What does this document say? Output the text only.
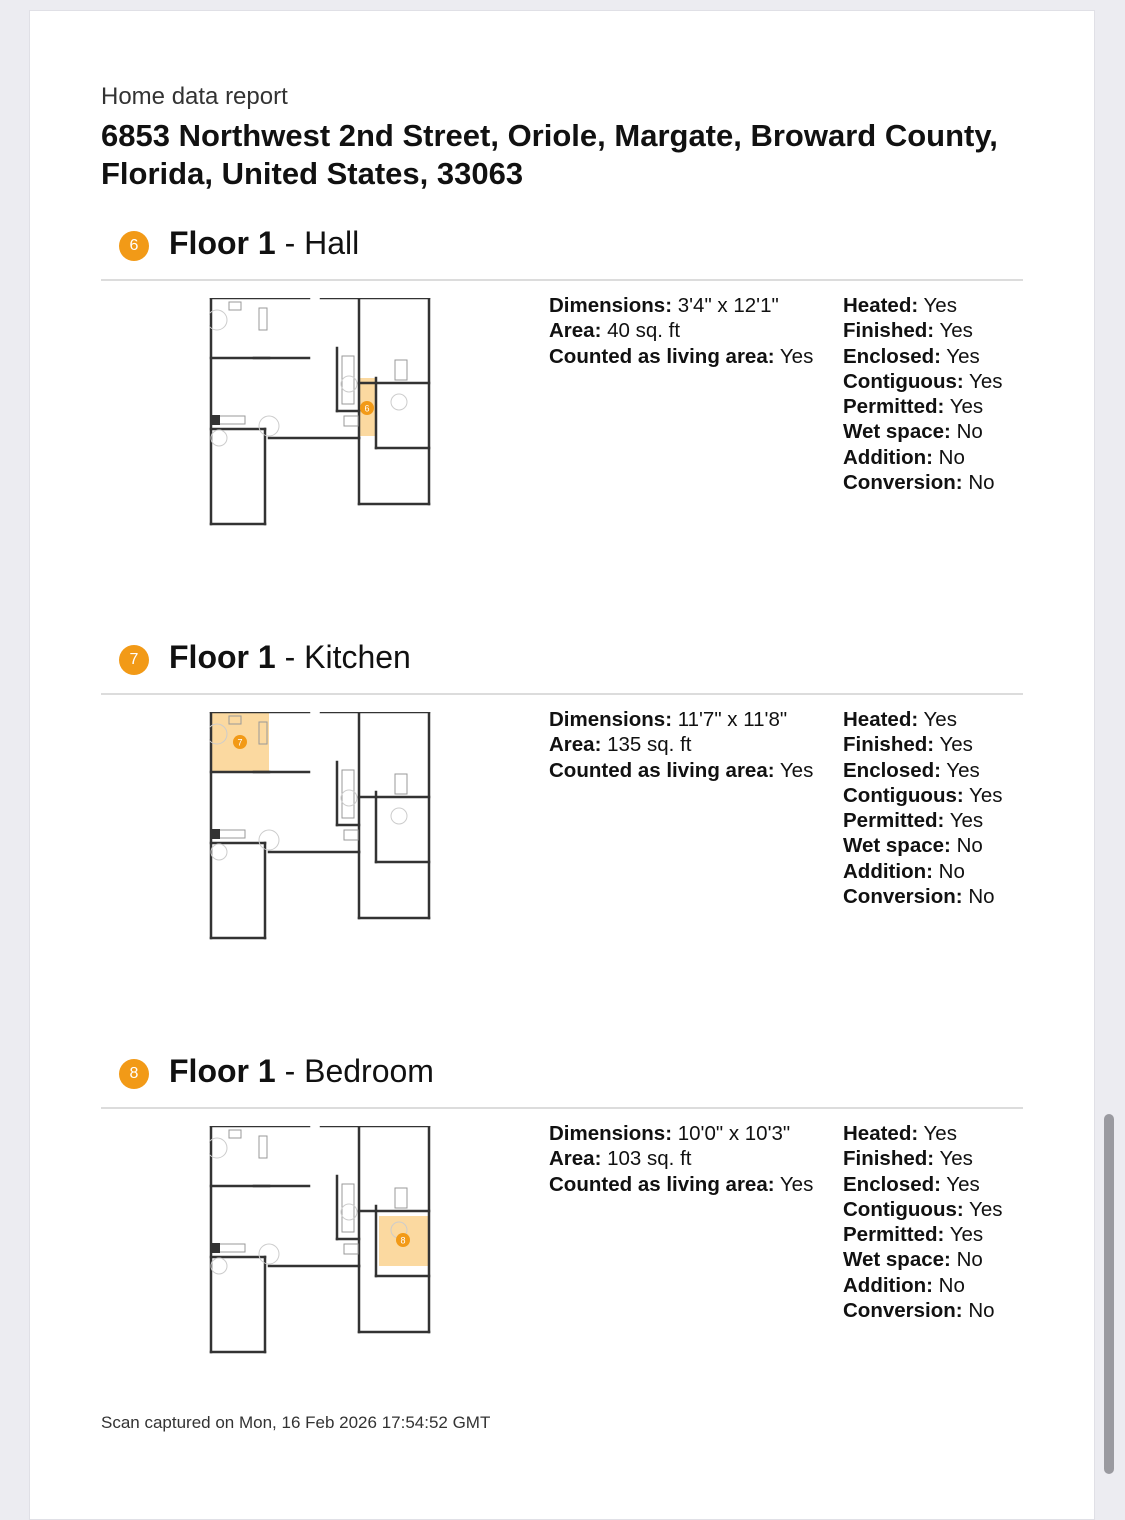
Home data report
6853 Northwest 2nd Street, Oriole, Margate, Broward County, Florida, United States, 33063
6 Floor 1 - Hall
6
Dimensions: 3'4" x 12'1"
Area: 40 sq. ft
Counted as living area: Yes
Heated: Yes
Finished: Yes
Enclosed: Yes
Contiguous: Yes
Permitted: Yes
Wet space: No
Addition: No
Conversion: No
7 Floor 1 - Kitchen
7
Dimensions: 11'7" x 11'8"
Area: 135 sq. ft
Counted as living area: Yes
Heated: Yes
Finished: Yes
Enclosed: Yes
Contiguous: Yes
Permitted: Yes
Wet space: No
Addition: No
Conversion: No
8 Floor 1 - Bedroom
8
Dimensions: 10'0" x 10'3"
Area: 103 sq. ft
Counted as living area: Yes
Heated: Yes
Finished: Yes
Enclosed: Yes
Contiguous: Yes
Permitted: Yes
Wet space: No
Addition: No
Conversion: No
Scan captured on Mon, 16 Feb 2026 17:54:52 GMT
